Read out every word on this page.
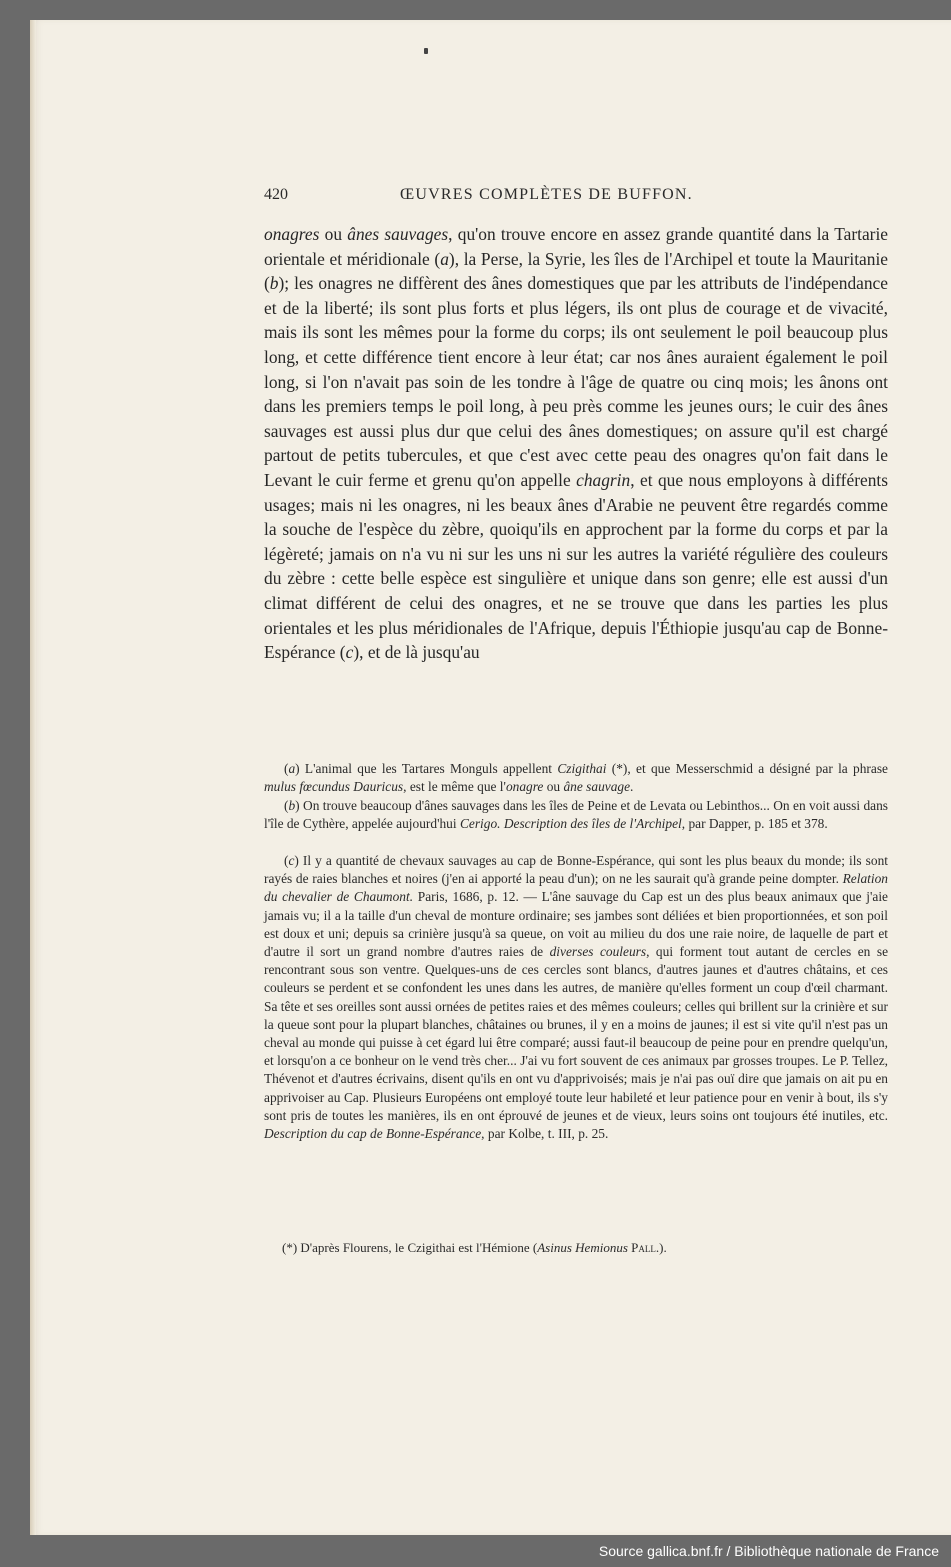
420	ŒUVRES COMPLÈTES DE BUFFON.

onagres ou ânes sauvages, qu'on trouve encore en assez grande quantité dans la Tartarie orientale et méridionale (a), la Perse, la Syrie, les îles de l'Archipel et toute la Mauritanie (b); les onagres ne diffèrent des ânes domestiques que par les attributs de l'indépendance et de la liberté; ils sont plus forts et plus légers, ils ont plus de courage et de vivacité, mais ils sont les mêmes pour la forme du corps; ils ont seulement le poil beaucoup plus long, et cette différence tient encore à leur état; car nos ânes auraient également le poil long, si l'on n'avait pas soin de les tondre à l'âge de quatre ou cinq mois; les ânons ont dans les premiers temps le poil long, à peu près comme les jeunes ours; le cuir des ânes sauvages est aussi plus dur que celui des ânes domestiques; on assure qu'il est chargé partout de petits tubercules, et que c'est avec cette peau des onagres qu'on fait dans le Levant le cuir ferme et grenu qu'on appelle chagrin, et que nous employons à différents usages; mais ni les onagres, ni les beaux ânes d'Arabie ne peuvent être regardés comme la souche de l'espèce du zèbre, quoiqu'ils en approchent par la forme du corps et par la légèreté; jamais on n'a vu ni sur les uns ni sur les autres la variété régulière des couleurs du zèbre : cette belle espèce est singulière et unique dans son genre; elle est aussi d'un climat différent de celui des onagres, et ne se trouve que dans les parties les plus orientales et les plus méridionales de l'Afrique, depuis l'Éthiopie jusqu'au cap de Bonne-Espérance (c), et de là jusqu'au

(a) L'animal que les Tartares Monguls appellent Czigithai (*), et que Messerschmid a désigné par la phrase mulus fœcundus Dauricus, est le même que l'onagre ou âne sauvage.

(b) On trouve beaucoup d'ânes sauvages dans les îles de Peine et de Levata ou Lebinthos... On en voit aussi dans l'île de Cythère, appelée aujourd'hui Cerigo. Description des îles de l'Archipel, par Dapper, p. 185 et 378.

(c) Il y a quantité de chevaux sauvages au cap de Bonne-Espérance, qui sont les plus beaux du monde; ils sont rayés de raies blanches et noires (j'en ai apporté la peau d'un); on ne les saurait qu'à grande peine dompter. Relation du chevalier de Chaumont. Paris, 1686, p. 12. — L'âne sauvage du Cap est un des plus beaux animaux que j'aie jamais vu; il a la taille d'un cheval de monture ordinaire; ses jambes sont déliées et bien proportionnées, et son poil est doux et uni; depuis sa crinière jusqu'à sa queue, on voit au milieu du dos une raie noire, de laquelle de part et d'autre il sort un grand nombre d'autres raies de diverses couleurs, qui forment tout autant de cercles en se rencontrant sous son ventre. Quelques-uns de ces cercles sont blancs, d'autres jaunes et d'autres châtains, et ces couleurs se perdent et se confondent les unes dans les autres, de manière qu'elles forment un coup d'œil charmant. Sa tête et ses oreilles sont aussi ornées de petites raies et des mêmes couleurs; celles qui brillent sur la crinière et sur la queue sont pour la plupart blanches, châtaines ou brunes, il y en a moins de jaunes; il est si vite qu'il n'est pas un cheval au monde qui puisse à cet égard lui être comparé; aussi faut-il beaucoup de peine pour en prendre quelqu'un, et lorsqu'on a ce bonheur on le vend très cher... J'ai vu fort souvent de ces animaux par grosses troupes. Le P. Tellez, Thévenot et d'autres écrivains, disent qu'ils en ont vu d'apprivoisés; mais je n'ai pas ouï dire que jamais on ait pu en apprivoiser au Cap. Plusieurs Européens ont employé toute leur habileté et leur patience pour en venir à bout, ils s'y sont pris de toutes les manières, ils en ont éprouvé de jeunes et de vieux, leurs soins ont toujours été inutiles, etc. Description du cap de Bonne-Espérance, par Kolbe, t. III, p. 25.

(*) D'après Flourens, le Czigithai est l'Hémione (Asinus Hemionus Pall.).
Source gallica.bnf.fr / Bibliothèque nationale de France
